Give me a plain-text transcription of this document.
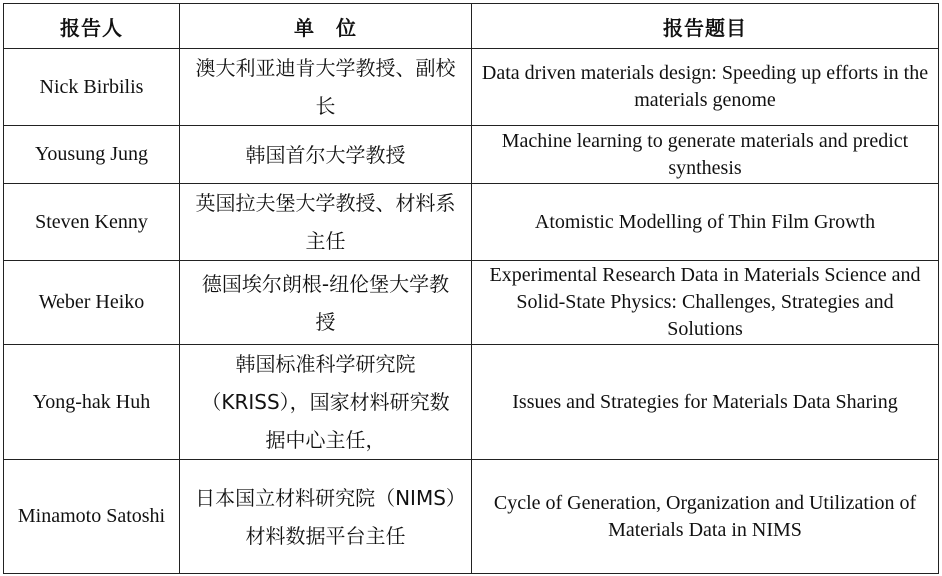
报告人	单　位	报告题目
Nick Birbilis	澳大利亚迪肯大学教授、副校长	Data driven materials design: Speeding up efforts in the materials genome
Yousung Jung	韩国首尔大学教授	Machine learning to generate materials and predict synthesis
Steven Kenny	英国拉夫堡大学教授、材料系主任	Atomistic Modelling of Thin Film Growth
Weber Heiko	德国埃尔朗根-纽伦堡大学教授	Experimental Research Data in Materials Science and Solid-State Physics: Challenges, Strategies and Solutions
Yong-hak Huh	韩国标准科学研究院（KRISS），国家材料研究数据中心主任，	Issues and Strategies for Materials Data Sharing
Minamoto Satoshi	日本国立材料研究院（NIMS）材料数据平台主任	Cycle of Generation, Organization and Utilization of Materials Data in NIMS
